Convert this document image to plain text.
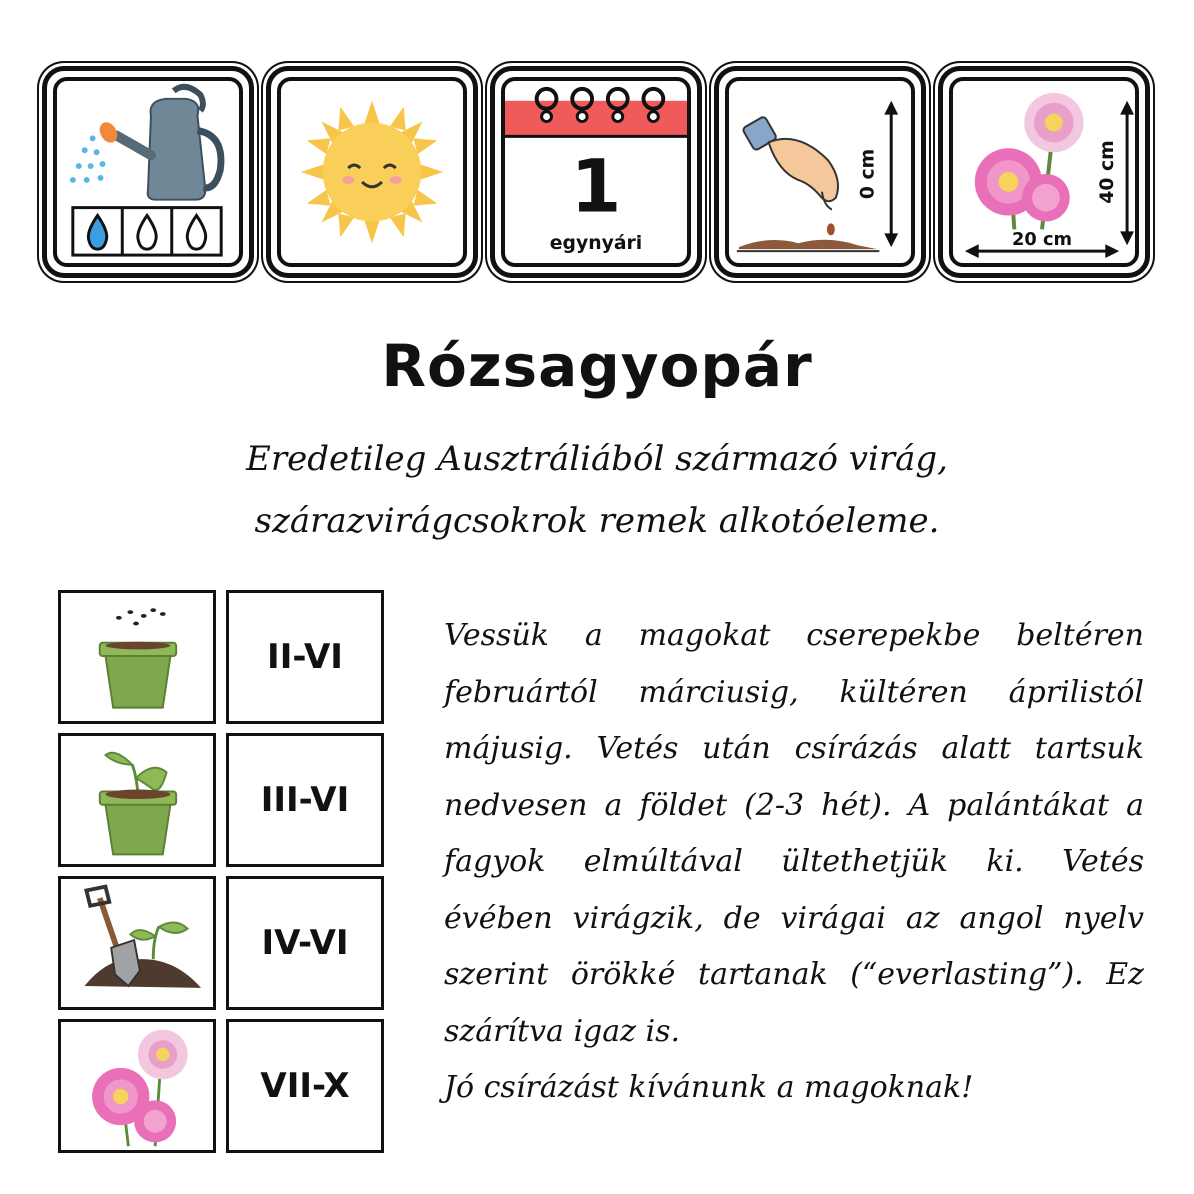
1
egynyári
0 cm	40 cm
20 cm
Rózsagyopár
Eredetileg Ausztráliából származó virág, szárazvirágcsokrok remek alkotóeleme.
II-VI
III-VI
IV-VI
VII-X

Vessük a magokat cserepekbe beltéren februártól márciusig, kültéren áprilistól májusig. Vetés után csírázás alatt tartsuk nedvesen a földet (2-3 hét). A palántákat a fagyok elmúltával ültethetjük ki. Vetés évében virágzik, de virágai az angol nyelv szerint örökké tartanak (“everlasting”). Ez szárítva igaz is.

Jó csírázást kívánunk a magoknak!
